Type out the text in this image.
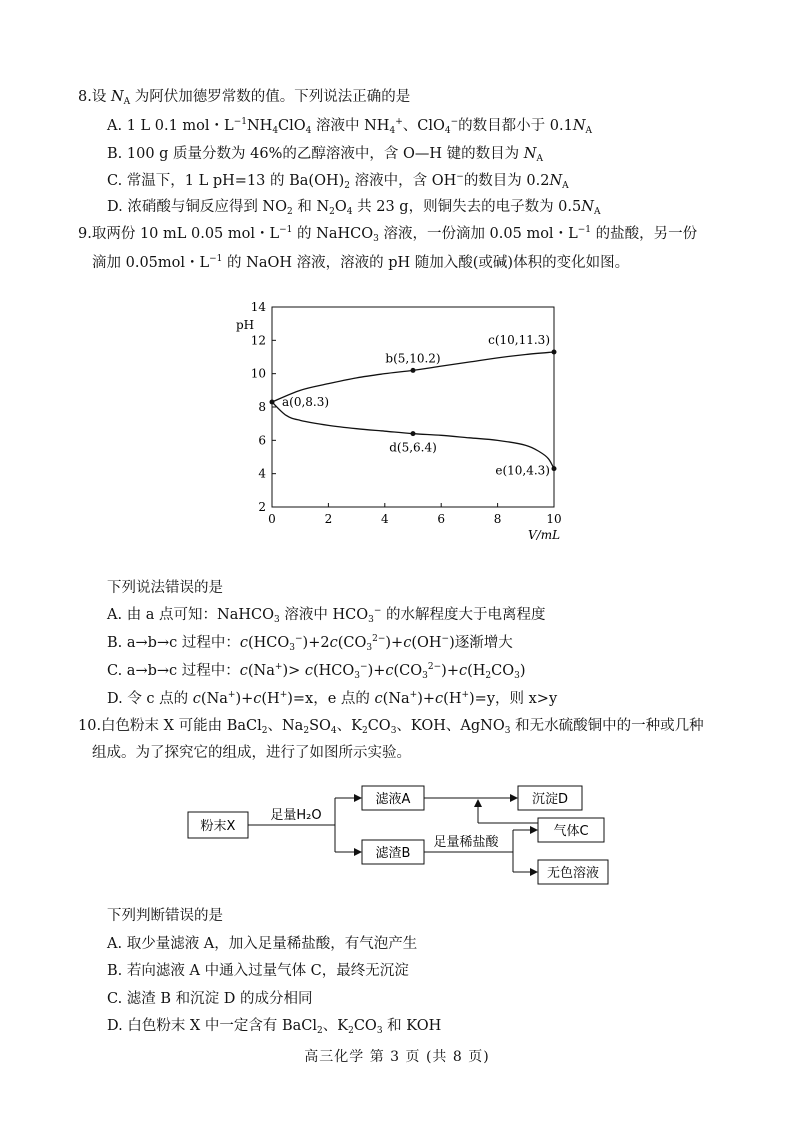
8.设 $N_A$ 为阿伏加德罗常数的值。下列说法正确的是
A. 1 L 0.1 mol・$L^{-1}NH_4ClO_4$ 溶液中 $NH_4^+$、ClO$_4$−的数目都小于 $0.1N_A$
B. 100 g 质量分数为 46%的乙醇溶液中，含 O—H 键的数目为 $N_A$
C. 常温下，1 L pH=13 的 $Ba(OH)_2$ 溶液中，含 OH−的数目为 $0.2N_A$
D. 浓硝酸与铜反应得到 $NO_2$ 和 $N_2O_4$ 共 23 g，则铜失去的电子数为 $0.5N_A$
9.取两份 10 mL 0.05 mol・$L^{-1}$ 的 NaHCO$_3$ 溶液，一份滴加 0.05 mol・$L^{-1}$ 的盐酸，另一份
滴加 0.05mol・$L^{-1}$ 的 NaOH 溶液，溶液的 pH 随加入酸(或碱)体积的变化如图。
2
4
6
8
10
12
14
0	2	4	6	8	10
pH
V/mL
a(0,8.3)
b(5,10.2)
c(10,11.3)
d(5,6.4)
e(10,4.3)
下列说法错误的是
A. 由 a 点可知：NaHCO$_3$ 溶液中 $HCO_3^-$ 的水解程度大于电离程度
B. a→b→c 过程中：$c(HCO_3^-)+2c(CO_3^{2-})+c(OH^-)$逐渐增大
C. a→b→c 过程中：$c(Na^+)> c(HCO_3^-)+c(CO_3^{2-})+c(H_2CO_3)$
D. 令 c 点的 c(Na+)+c(H+)=x，e 点的 c(Na+)+c(H+)=y，则 x>y
10.白色粉末 X 可能由 BaCl$_2$、$Na_2SO_4$、$K_2CO_3$、KOH、AgNO$_3$ 和无水硫酸铜中的一种或几种
组成。为了探究它的组成，进行了如图所示实验。
粉末X
足量H₂O
滤液A
滤渣B
沉淀D
足量稀盐酸
气体C
无色溶液
下列判断错误的是
A. 取少量滤液 A，加入足量稀盐酸，有气泡产生
B. 若向滤液 A 中通入过量气体 C，最终无沉淀
C. 滤渣 B 和沉淀 D 的成分相同
D. 白色粉末 X 中一定含有 BaCl$_2$、$K_2CO_3$ 和 KOH
高三化学 第 3 页 (共 8 页)
